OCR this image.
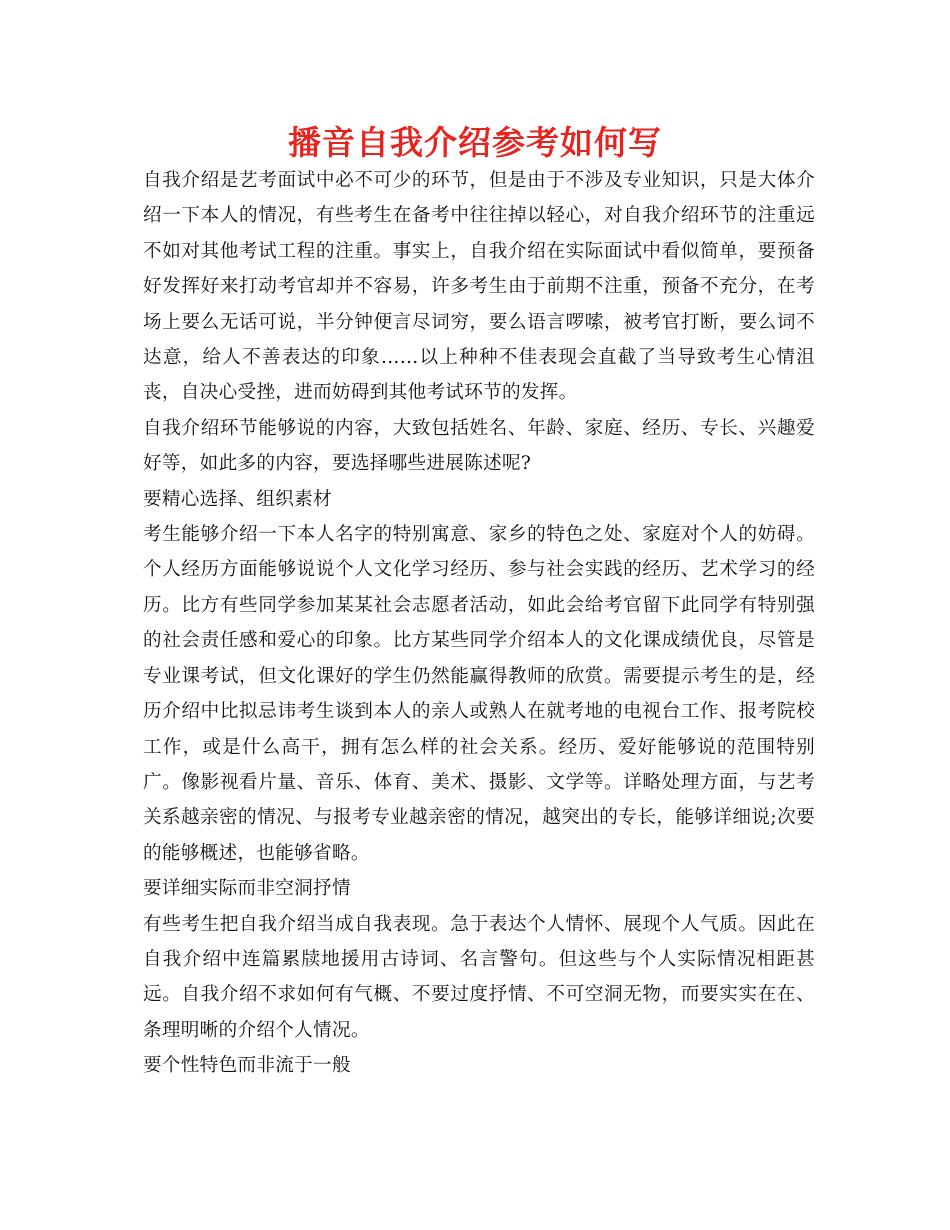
播音自我介绍参考如何写

自我介绍是艺考面试中必不可少的环节，但是由于不涉及专业知识，只是大体介绍一下本人的情况，有些考生在备考中往往掉以轻心，对自我介绍环节的注重远不如对其他考试工程的注重。事实上，自我介绍在实际面试中看似简单，要预备好发挥好来打动考官却并不容易，许多考生由于前期不注重，预备不充分，在考场上要么无话可说，半分钟便言尽词穷，要么语言啰嗦，被考官打断，要么词不达意，给人不善表达的印象……以上种种不佳表现会直截了当导致考生心情沮丧，自决心受挫，进而妨碍到其他考试环节的发挥。

自我介绍环节能够说的内容，大致包括姓名、年龄、家庭、经历、专长、兴趣爱好等，如此多的内容，要选择哪些进展陈述呢?

要精心选择、组织素材

考生能够介绍一下本人名字的特别寓意、家乡的特色之处、家庭对个人的妨碍。个人经历方面能够说说个人文化学习经历、参与社会实践的经历、艺术学习的经历。比方有些同学参加某某社会志愿者活动，如此会给考官留下此同学有特别强的社会责任感和爱心的印象。比方某些同学介绍本人的文化课成绩优良，尽管是专业课考试，但文化课好的学生仍然能赢得教师的欣赏。需要提示考生的是，经历介绍中比拟忌讳考生谈到本人的亲人或熟人在就考地的电视台工作、报考院校工作，或是什么高干，拥有怎么样的社会关系。经历、爱好能够说的范围特别广。像影视看片量、音乐、体育、美术、摄影、文学等。详略处理方面，与艺考关系越亲密的情况、与报考专业越亲密的情况，越突出的专长，能够详细说;次要的能够概述，也能够省略。

要详细实际而非空洞抒情

有些考生把自我介绍当成自我表现。急于表达个人情怀、展现个人气质。因此在自我介绍中连篇累牍地援用古诗词、名言警句。但这些与个人实际情况相距甚远。自我介绍不求如何有气概、不要过度抒情、不可空洞无物，而要实实在在、条理明晰的介绍个人情况。

要个性特色而非流于一般
